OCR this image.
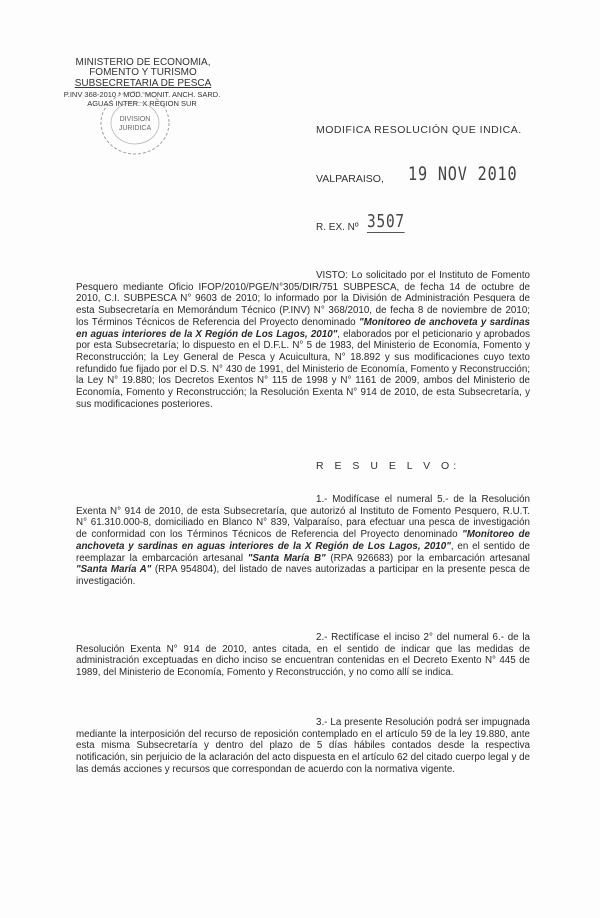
MINISTERIO DE ECONOMIA,
FOMENTO Y TURISMO
SUBSECRETARIA DE PESCA
P.INV 368-2010 * MOD. MONIT. ANCH. SARD.
AGUAS INTER. X REGION SUR
DIVISION
JURIDICA	MODIFICA RESOLUCIÓN QUE INDICA.
VALPARAISO, 19 NOV 2010
R. EX. Nº 3507
VISTO: Lo solicitado por el Instituto de Fomento Pesquero mediante Oficio IFOP/2010/PGE/N°305/DIR/751 SUBPESCA, de fecha 14 de octubre de 2010, C.I. SUBPESCA N° 9603 de 2010; lo informado por la División de Administración Pesquera de esta Subsecretaría en Memorándum Técnico (P.INV) N° 368/2010, de fecha 8 de noviembre de 2010; los Términos Técnicos de Referencia del Proyecto denominado "Monitoreo de anchoveta y sardinas en aguas interiores de la X Región de Los Lagos, 2010", elaborados por el peticionario y aprobados por esta Subsecretaría; lo dispuesto en el D.F.L. N° 5 de 1983, del Ministerio de Economía, Fomento y Reconstrucción; la Ley General de Pesca y Acuicultura, N° 18.892 y sus modificaciones cuyo texto refundido fue fijado por el D.S. N° 430 de 1991, del Ministerio de Economía, Fomento y Reconstrucción; la Ley N° 19.880; los Decretos Exentos N° 115 de 1998 y N° 1161 de 2009, ambos del Ministerio de Economía, Fomento y Reconstrucción; la Resolución Exenta N° 914 de 2010, de esta Subsecretaría, y sus modificaciones posteriores.
R E S U E L V O:
1.- Modifícase el numeral 5.- de la Resolución Exenta N° 914 de 2010, de esta Subsecretaría, que autorizó al Instituto de Fomento Pesquero, R.U.T. N° 61.310.000-8, domiciliado en Blanco N° 839, Valparaíso, para efectuar una pesca de investigación de conformidad con los Términos Técnicos de Referencia del Proyecto denominado "Monitoreo de anchoveta y sardinas en aguas interiores de la X Región de Los Lagos, 2010", en el sentido de reemplazar la embarcación artesanal "Santa María B" (RPA 926683) por la embarcación artesanal "Santa María A" (RPA 954804), del listado de naves autorizadas a participar en la presente pesca de investigación.
2.- Rectifícase el inciso 2° del numeral 6.- de la Resolución Exenta N° 914 de 2010, antes citada, en el sentido de indicar que las medidas de administración exceptuadas en dicho inciso se encuentran contenidas en el Decreto Exento N° 445 de 1989, del Ministerio de Economía, Fomento y Reconstrucción, y no como allí se indica.
3.- La presente Resolución podrá ser impugnada mediante la interposición del recurso de reposición contemplado en el artículo 59 de la ley 19.880, ante esta misma Subsecretaría y dentro del plazo de 5 días hábiles contados desde la respectiva notificación, sin perjuicio de la aclaración del acto dispuesta en el artículo 62 del citado cuerpo legal y de las demás acciones y recursos que correspondan de acuerdo con la normativa vigente.
